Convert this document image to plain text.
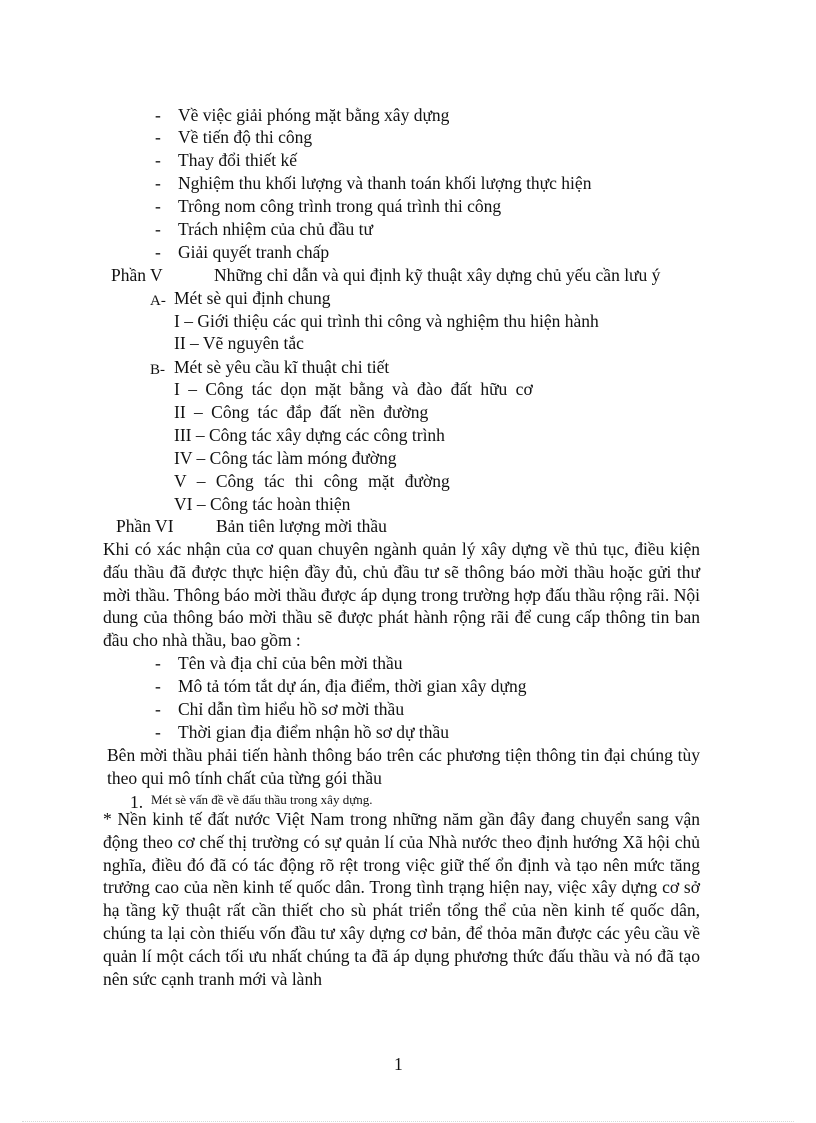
- Về việc giải phóng mặt bằng xây dựng
- Về tiến độ thi công
- Thay đổi thiết kế
- Nghiệm thu khối lượng và thanh toán khối lượng thực hiện
- Trông nom công trình trong quá trình thi công
- Trách nhiệm của chủ đầu tư
- Giải quyết tranh chấp
Phần V	Những chỉ dẫn và qui định kỹ thuật xây dựng chủ yếu cần lưu ý
A- Mét sè qui định chung
I – Giới thiệu các qui trình thi công và nghiệm thu hiện hành
II – Vẽ nguyên tắc
B- Mét sè yêu cầu kĩ thuật chi tiết
I – Công tác dọn mặt bằng và đào đất hữu cơ
II – Công tác đắp đất nền đường
III – Công tác xây dựng các công trình
IV – Công tác làm móng đường
V – Công tác thi công mặt đường
VI – Công tác hoàn thiện
Phần VI Bản tiên lượng mời thầu
Khi có xác nhận của cơ quan chuyên ngành quản lý xây dựng về thủ tục, điều kiện đấu thầu đã được thực hiện đầy đủ, chủ đầu tư sẽ thông báo mời thầu hoặc gửi thư mời thầu. Thông báo mời thầu được áp dụng trong trường hợp đấu thầu rộng rãi. Nội dung của thông báo mời thầu sẽ được phát hành rộng rãi để cung cấp thông tin ban đầu cho nhà thầu, bao gồm :
- Tên và địa chỉ của bên mời thầu
- Mô tả tóm tắt dự án, địa điểm, thời gian xây dựng
- Chỉ dẫn tìm hiểu hồ sơ mời thầu
- Thời gian địa điểm nhận hồ sơ dự thầu
Bên mời thầu phải tiến hành thông báo trên các phương tiện thông tin đại chúng tùy theo qui mô tính chất của từng gói thầu
1. Mét sè vấn đề về đấu thầu trong xây dựng.
* Nền kinh tế đất nước Việt Nam trong những năm gần đây đang chuyển sang vận động theo cơ chế thị trường có sự quản lí của Nhà nước theo định hướng Xã hội chủ nghĩa, điều đó đã có tác động rõ rệt trong việc giữ thế ổn định và tạo nên mức tăng trưởng cao của nền kinh tế quốc dân. Trong tình trạng hiện nay, việc xây dựng cơ sở hạ tầng kỹ thuật rất cần thiết cho sù phát triển tổng thể của nền kinh tế quốc dân, chúng ta lại còn thiếu vốn đầu tư xây dựng cơ bản, để thỏa mãn được các yêu cầu về quản lí một cách tối ưu nhất chúng ta đã áp dụng phương thức đấu thầu và nó đã tạo nên sức cạnh tranh mới và lành
1
